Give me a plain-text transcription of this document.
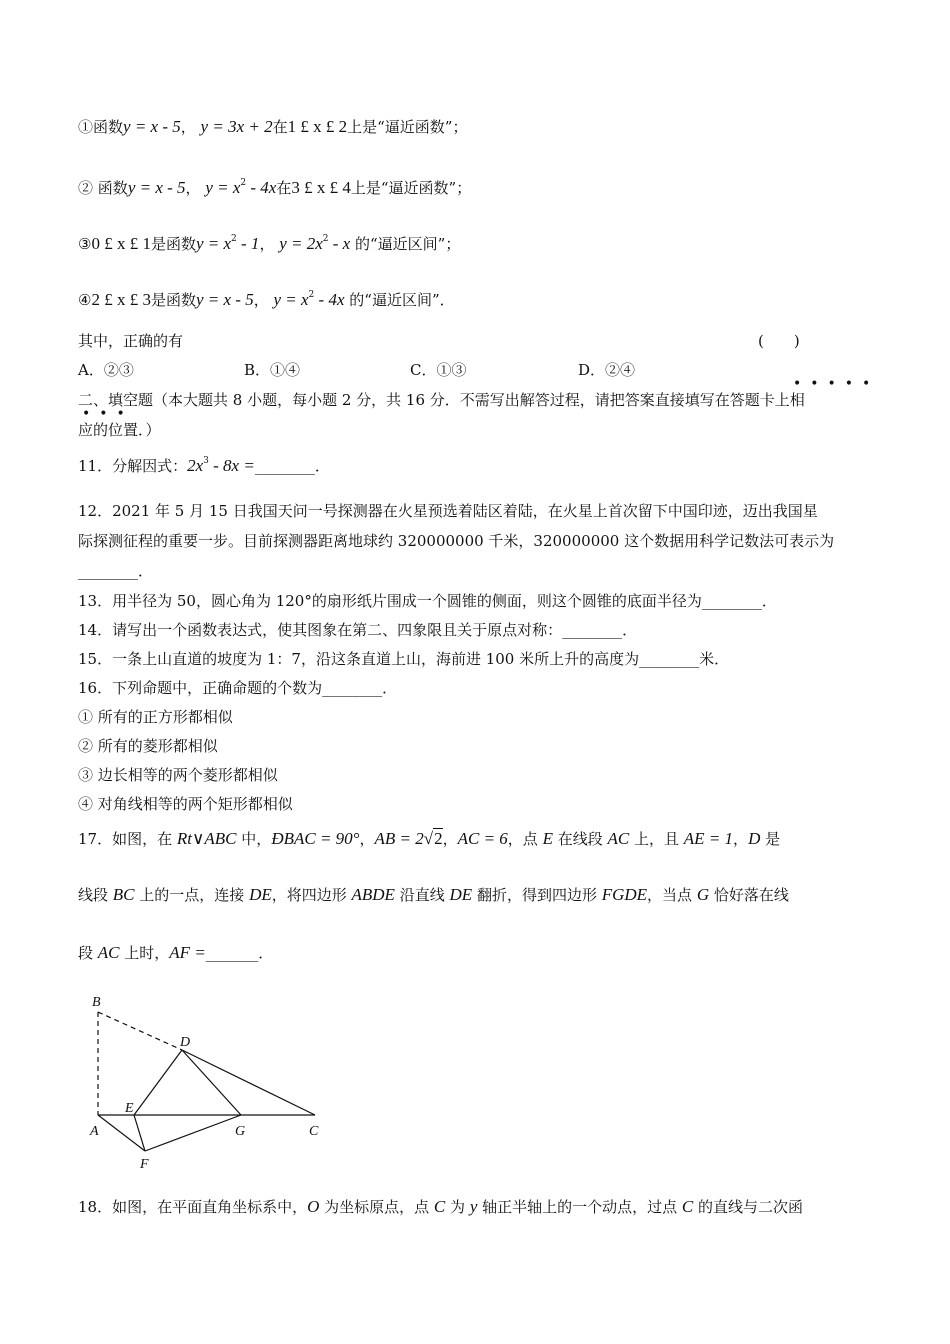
①函数y = x - 5， y = 3x + 2在1 £ x £ 2上是“逼近函数”；
② 函数y = x - 5， $y = x^2 - 4x$在3 £ x £ 4上是“逼近函数”；
③0 £ x £ 1是函数$y = x^2 - 1$， $y = 2x^2 - x$ 的“逼近区间”；
④2 £ x £ 3是函数y = x - 5， $y = x^2 - 4x$ 的“逼近区间”．
其中，正确的有	(　　)
A．②③	B．①④	C．①③	D．②④
•••••
二、填空题（本大题共 8 小题，每小题 2 分，共 16 分．不需写出解答过程，请把答案直接填写在答题卡上相
•••
应的位置．）
11．分解因式：$2x^3 - 8x$ =________．
12．2021 年 5 月 15 日我国天问一号探测器在火星预选着陆区着陆，在火星上首次留下中国印迹，迈出我国星
际探测征程的重要一步。目前探测器距离地球约 320000000 千米，320000000 这个数据用科学记数法可表示为
________．
13．用半径为 50，圆心角为 120°的扇形纸片围成一个圆锥的侧面，则这个圆锥的底面半径为________．
14．请写出一个函数表达式，使其图象在第二、四象限且关于原点对称：________．
15．一条上山直道的坡度为 1：7，沿这条直道上山，海前进 100 米所上升的高度为________米．
16．下列命题中，正确命题的个数为________．
① 所有的正方形都相似
② 所有的菱形都相似
③ 边长相等的两个菱形都相似
④ 对角线相等的两个矩形都相似
17．如图，在 Rt∨ABC 中，ÐBAC = 90°，AB = 2√2，AC = 6，点 E 在线段 AC 上，且 AE = 1，D 是
线段 BC 上的一点，连接 DE，将四边形 ABDE 沿直线 DE 翻折，得到四边形 FGDE，当点 G 恰好落在线
段 AC 上时，AF =_______．
B
D
E
A	G	C
F
18．如图，在平面直角坐标系中，O 为坐标原点，点 C 为 y 轴正半轴上的一个动点，过点 C 的直线与二次函
